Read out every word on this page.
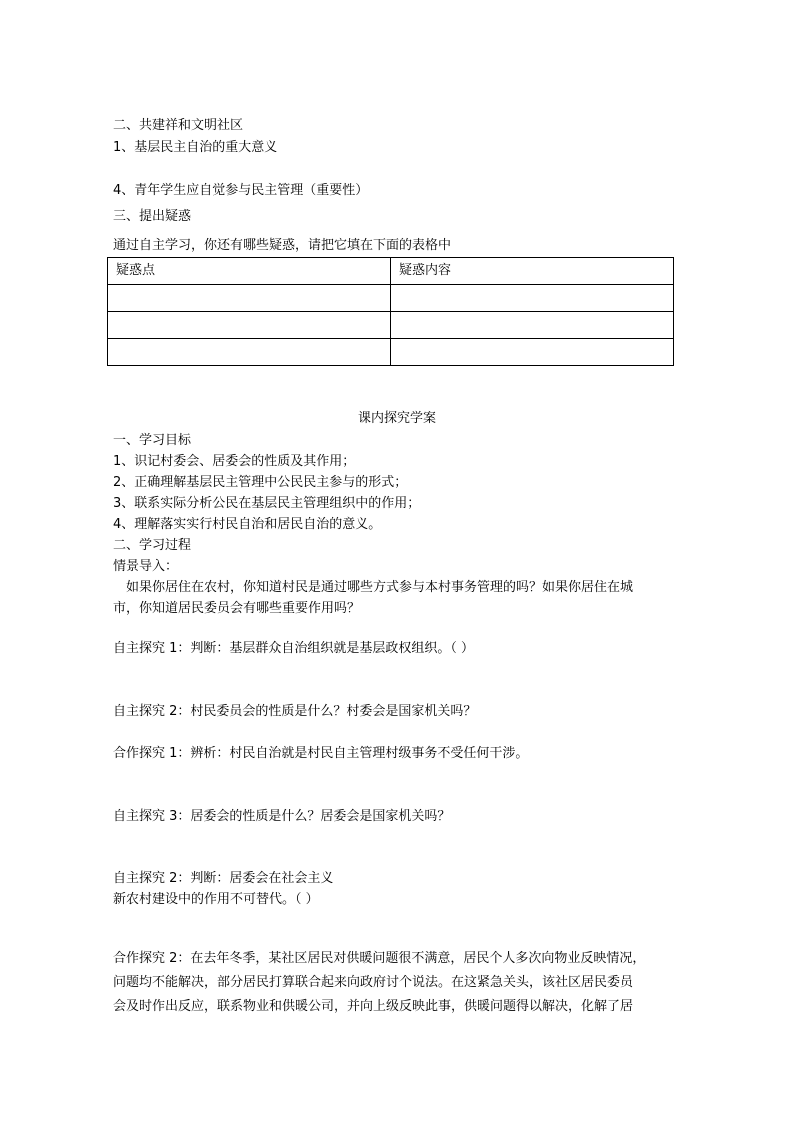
二、共建祥和文明社区
1、基层民主自治的重大意义
4、青年学生应自觉参与民主管理（重要性）
三、提出疑惑
通过自主学习，你还有哪些疑惑，请把它填在下面的表格中
疑惑点	疑惑内容

课内探究学案
一、学习目标
1、识记村委会、居委会的性质及其作用；
2、正确理解基层民主管理中公民民主参与的形式；
3、联系实际分析公民在基层民主管理组织中的作用；
4、理解落实实行村民自治和居民自治的意义。
二、学习过程
情景导入：
如果你居住在农村，你知道村民是通过哪些方式参与本村事务管理的吗？如果你居住在城
市，你知道居民委员会有哪些重要作用吗？
自主探究 1：判断：基层群众自治组织就是基层政权组织。（ ）
自主探究 2：村民委员会的性质是什么？村委会是国家机关吗？
合作探究 1：辨析：村民自治就是村民自主管理村级事务不受任何干涉。
自主探究 3：居委会的性质是什么？居委会是国家机关吗？
自主探究 2：判断：居委会在社会主义
新农村建设中的作用不可替代。（ ）
合作探究 2：在去年冬季，某社区居民对供暖问题很不满意，居民个人多次向物业反映情况，
问题均不能解决，部分居民打算联合起来向政府讨个说法。在这紧急关头，该社区居民委员
会及时作出反应，联系物业和供暖公司，并向上级反映此事，供暖问题得以解决，化解了居
